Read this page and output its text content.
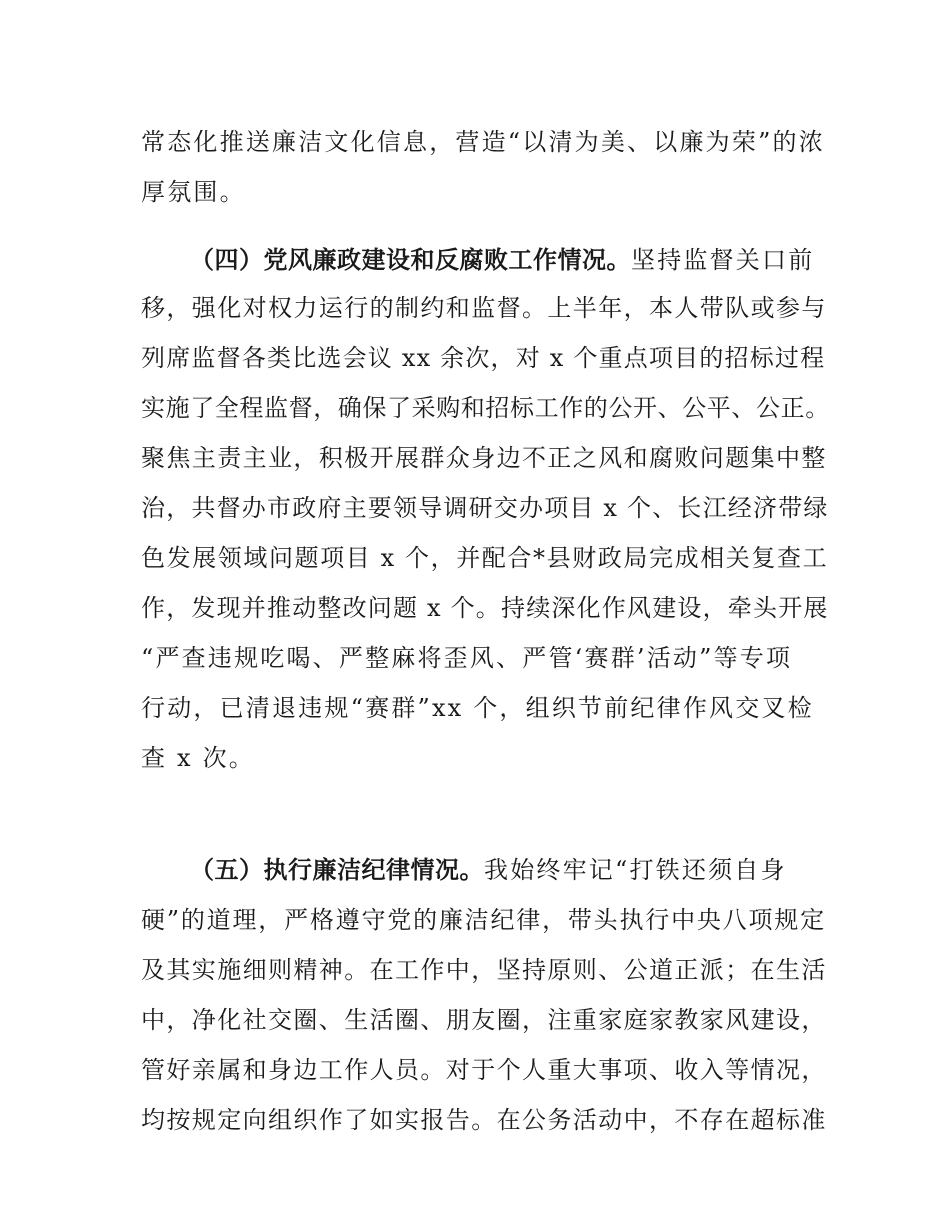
常态化推送廉洁文化信息，营造“以清为美、以廉为荣”的浓

厚氛围。

（四）党风廉政建设和反腐败工作情况。坚持监督关口前

移，强化对权力运行的制约和监督。上半年，本人带队或参与

列席监督各类比选会议 xx 余次，对 x 个重点项目的招标过程

实施了全程监督，确保了采购和招标工作的公开、公平、公正。

聚焦主责主业，积极开展群众身边不正之风和腐败问题集中整

治，共督办市政府主要领导调研交办项目 x 个、长江经济带绿

色发展领域问题项目 x 个，并配合*县财政局完成相关复查工

作，发现并推动整改问题 x 个。持续深化作风建设，牵头开展

“严查违规吃喝、严整麻将歪风、严管‘赛群’活动”等专项

行动，已清退违规“赛群”xx 个，组织节前纪律作风交叉检

查 x 次。

（五）执行廉洁纪律情况。我始终牢记“打铁还须自身

硬”的道理，严格遵守党的廉洁纪律，带头执行中央八项规定

及其实施细则精神。在工作中，坚持原则、公道正派；在生活

中，净化社交圈、生活圈、朋友圈，注重家庭家教家风建设，

管好亲属和身边工作人员。对于个人重大事项、收入等情况，

均按规定向组织作了如实报告。在公务活动中，不存在超标准
